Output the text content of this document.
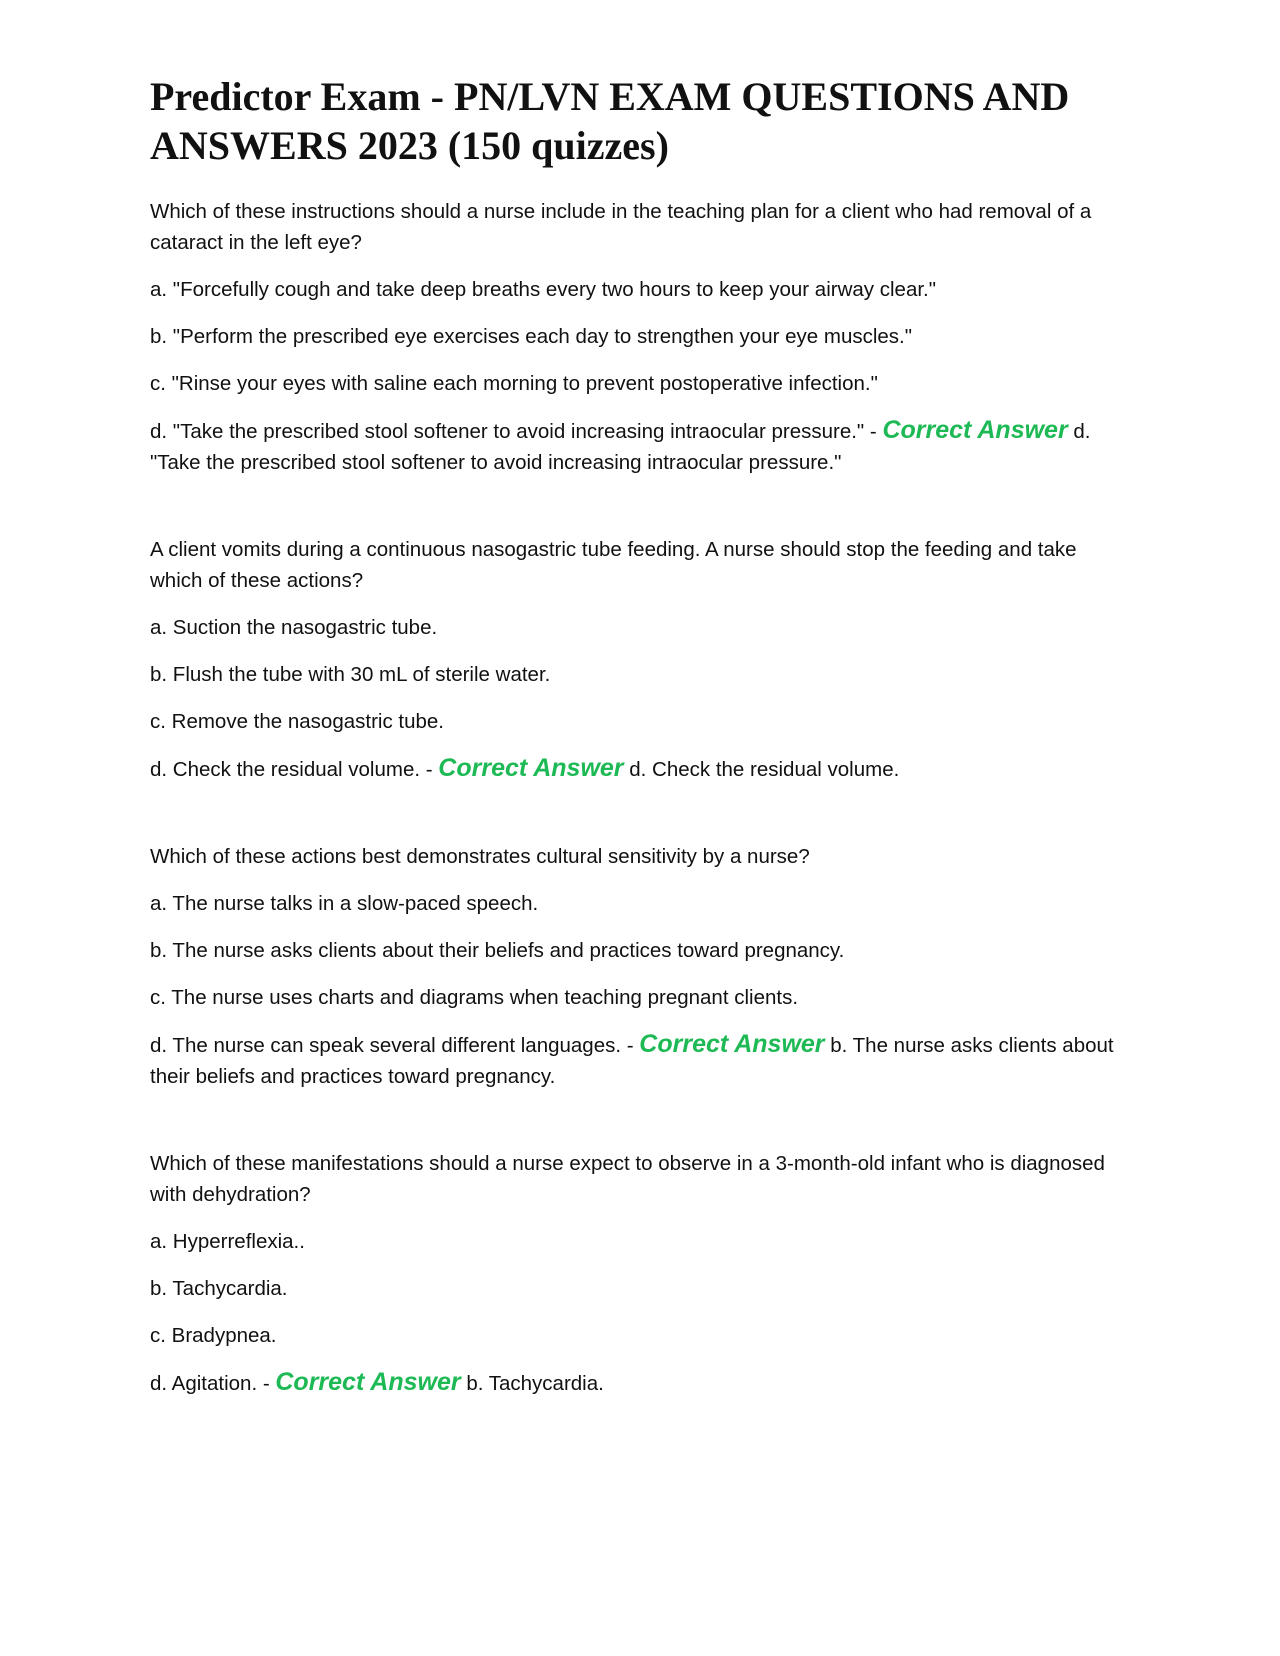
Predictor Exam - PN/LVN EXAM QUESTIONS AND ANSWERS 2023 (150 quizzes)

Which of these instructions should a nurse include in the teaching plan for a client who had removal of a cataract in the left eye?

a. "Forcefully cough and take deep breaths every two hours to keep your airway clear."

b. "Perform the prescribed eye exercises each day to strengthen your eye muscles."

c. "Rinse your eyes with saline each morning to prevent postoperative infection."

d. "Take the prescribed stool softener to avoid increasing intraocular pressure." - Correct Answer d. "Take the prescribed stool softener to avoid increasing intraocular pressure."

A client vomits during a continuous nasogastric tube feeding. A nurse should stop the feeding and take which of these actions?

a. Suction the nasogastric tube.

b. Flush the tube with 30 mL of sterile water.

c. Remove the nasogastric tube.

d. Check the residual volume. - Correct Answer d. Check the residual volume.

Which of these actions best demonstrates cultural sensitivity by a nurse?

a. The nurse talks in a slow-paced speech.

b. The nurse asks clients about their beliefs and practices toward pregnancy.

c. The nurse uses charts and diagrams when teaching pregnant clients.

d. The nurse can speak several different languages. - Correct Answer b. The nurse asks clients about their beliefs and practices toward pregnancy.

Which of these manifestations should a nurse expect to observe in a 3-month-old infant who is diagnosed with dehydration?

a. Hyperreflexia..

b. Tachycardia.

c. Bradypnea.

d. Agitation. - Correct Answer b. Tachycardia.
